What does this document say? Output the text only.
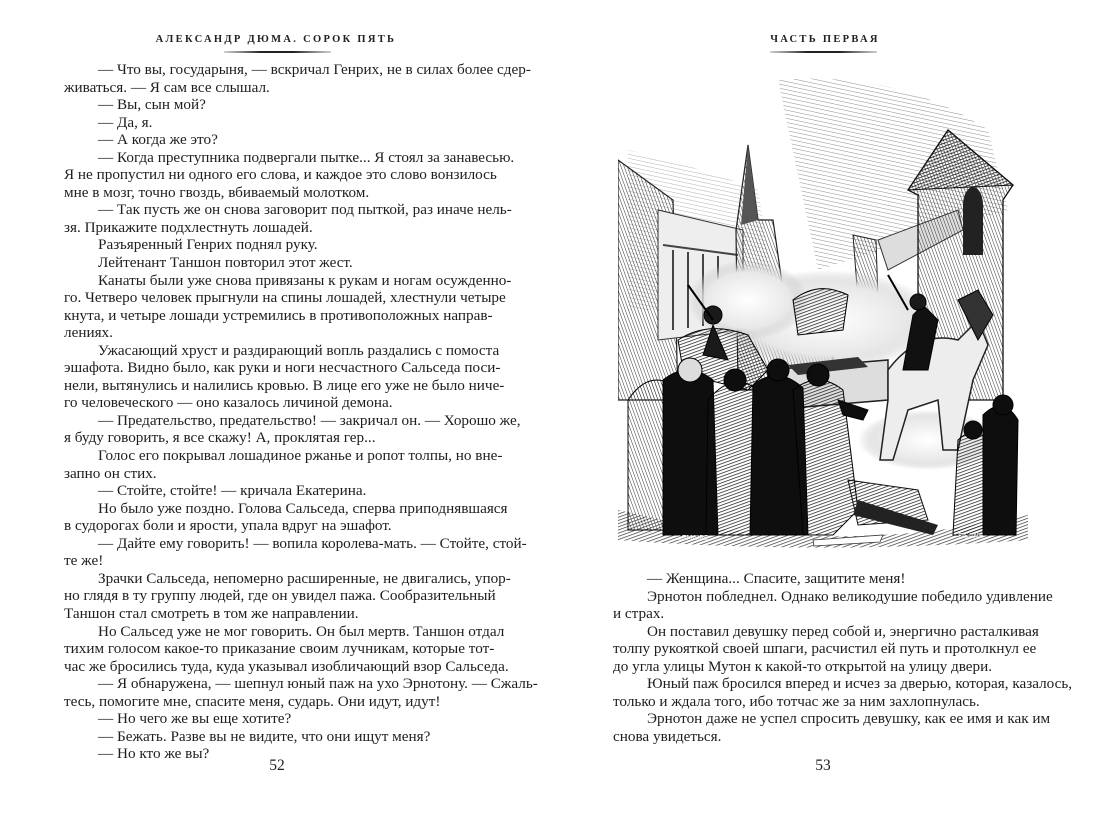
АЛЕКСАНДР ДЮМА. СОРОК ПЯТЬ
— Что вы, государыня, — вскричал Генрих, не в силах более сдер-
живаться. — Я сам все слышал.
— Вы, сын мой?
— Да, я.
— А когда же это?
— Когда преступника подвергали пытке... Я стоял за занавесью.
Я не пропустил ни одного его слова, и каждое это слово вонзилось
мне в мозг, точно гвоздь, вбиваемый молотком.
— Так пусть же он снова заговорит под пыткой, раз иначе нель-
зя. Прикажите подхлестнуть лошадей.
Разъяренный Генрих поднял руку.
Лейтенант Таншон повторил этот жест.
Канаты были уже снова привязаны к рукам и ногам осужденно-
го. Четверо человек прыгнули на спины лошадей, хлестнули четыре
кнута, и четыре лошади устремились в противоположных направ-
лениях.
Ужасающий хруст и раздирающий вопль раздались с помоста
эшафота. Видно было, как руки и ноги несчастного Сальседа поси-
нели, вытянулись и налились кровью. В лице его уже не было ниче-
го человеческого — оно казалось личиной демона.
— Предательство, предательство! — закричал он. — Хорошо же,
я буду говорить, я все скажу! А, проклятая гер...
Голос его покрывал лошадиное ржанье и ропот толпы, но вне-
запно он стих.
— Стойте, стойте! — кричала Екатерина.
Но было уже поздно. Голова Сальседа, сперва приподнявшаяся
в судорогах боли и ярости, упала вдруг на эшафот.
— Дайте ему говорить! — вопила королева-мать. — Стойте, стой-
те же!
Зрачки Сальседа, непомерно расширенные, не двигались, упор-
но глядя в ту группу людей, где он увидел пажа. Сообразительный
Таншон стал смотреть в том же направлении.
Но Сальсед уже не мог говорить. Он был мертв. Таншон отдал
тихим голосом какое-то приказание своим лучникам, которые тот-
час же бросились туда, куда указывал изобличающий взор Сальседа.
— Я обнаружена, — шепнул юный паж на ухо Эрнотону. — Сжаль-
тесь, помогите мне, спасите меня, сударь. Они идут, идут!
— Но чего же вы еще хотите?
— Бежать. Разве вы не видите, что они ищут меня?
— Но кто же вы?
52
ЧАСТЬ ПЕРВАЯ
LEMAIRE	FISANE
— Женщина... Спасите, защитите меня!
Эрнотон побледнел. Однако великодушие победило удивление
и страх.
Он поставил девушку перед собой и, энергично расталкивая
толпу рукояткой своей шпаги, расчистил ей путь и протолкнул ее
до угла улицы Мутон к какой-то открытой на улицу двери.
Юный паж бросился вперед и исчез за дверью, которая, казалось,
только и ждала того, ибо тотчас же за ним захлопнулась.
Эрнотон даже не успел спросить девушку, как ее имя и как им
снова увидеться.
53
